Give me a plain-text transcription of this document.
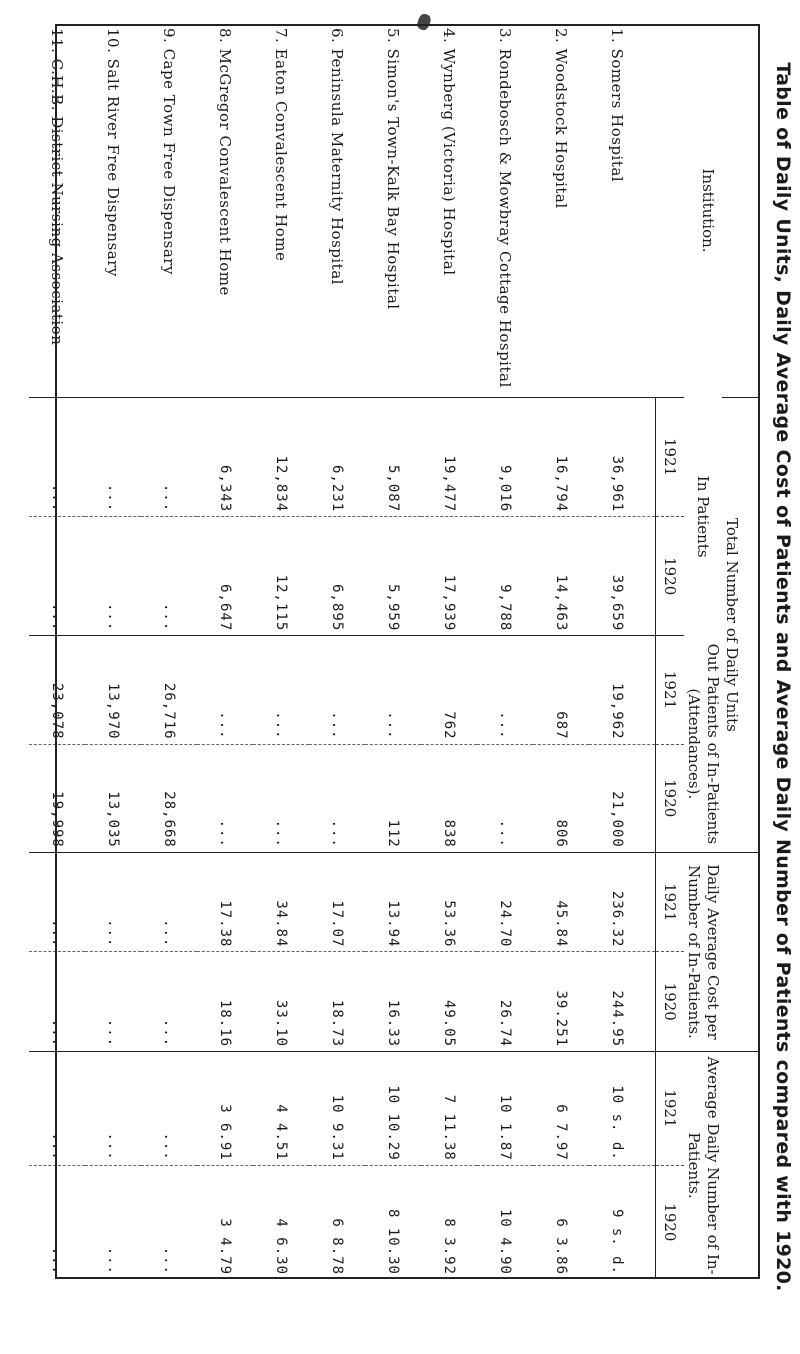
Table of Daily Units, Daily Average Cost of Patients and Average Daily Number of Patients compared with 1920.
Institution.	Total Number of Daily Units				Daily Average Cost per Number of In-Patients.		Average Daily Number of In-Patients.	
	In Patients		Out Patients of In-Patients (Attendances).					
	1921	1920	1921	1920	1921	1920	1921	1920
1. Somers Hospital	36,961	39,659	19,962	21,000	236.32	244.95	10 s. d.	9 s. d.
2. Woodstock Hospital	16,794	14,463	687	806	45.84	39.251	6 7.97	6 3.86
3. Rondebosch & Mowbray Cottage Hospital	9,016	9,788	...	...	24.70	26.74	10 1.87	10 4.90
4. Wynberg (Victoria) Hospital	19,477	17,939	762	838	53.36	49.05	7 11.38	8 3.92
5. Simon's Town-Kalk Bay Hospital	5,087	5,959	...	112	13.94	16.33	10 10.29	8 10.30
6. Peninsula Maternity Hospital	6,231	6,895	...	...	17.07	18.73	10 9.31	6 8.78
7. Eaton Convalescent Home	12,834	12,115	...	...	34.84	33.10	4 4.51	4 6.30
8. McGregor Convalescent Home	6,343	6,647	...	...	17.38	18.16	3 6.91	3 4.79
9. Cape Town Free Dispensary	...	...	26,716	28,668	...	...	...	...
10. Salt River Free Dispensary	...	...	13,970	13,035	...	...	...	...
11. C.H.B. District Nursing Association	...	...	23,078	19,998	...	...	...	...
